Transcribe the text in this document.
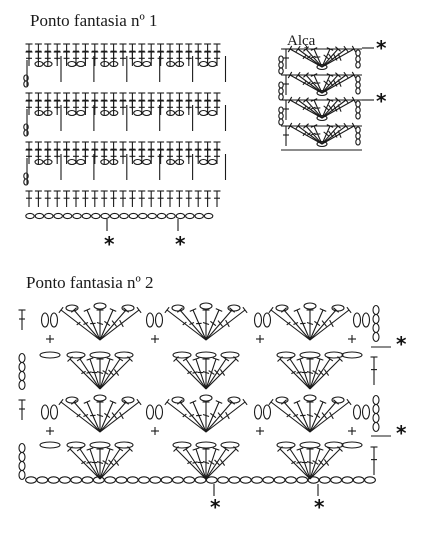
Ponto fantasia nº 1
Alça
Ponto fantasia nº 2
*	*
*
*
*
*
*	*
